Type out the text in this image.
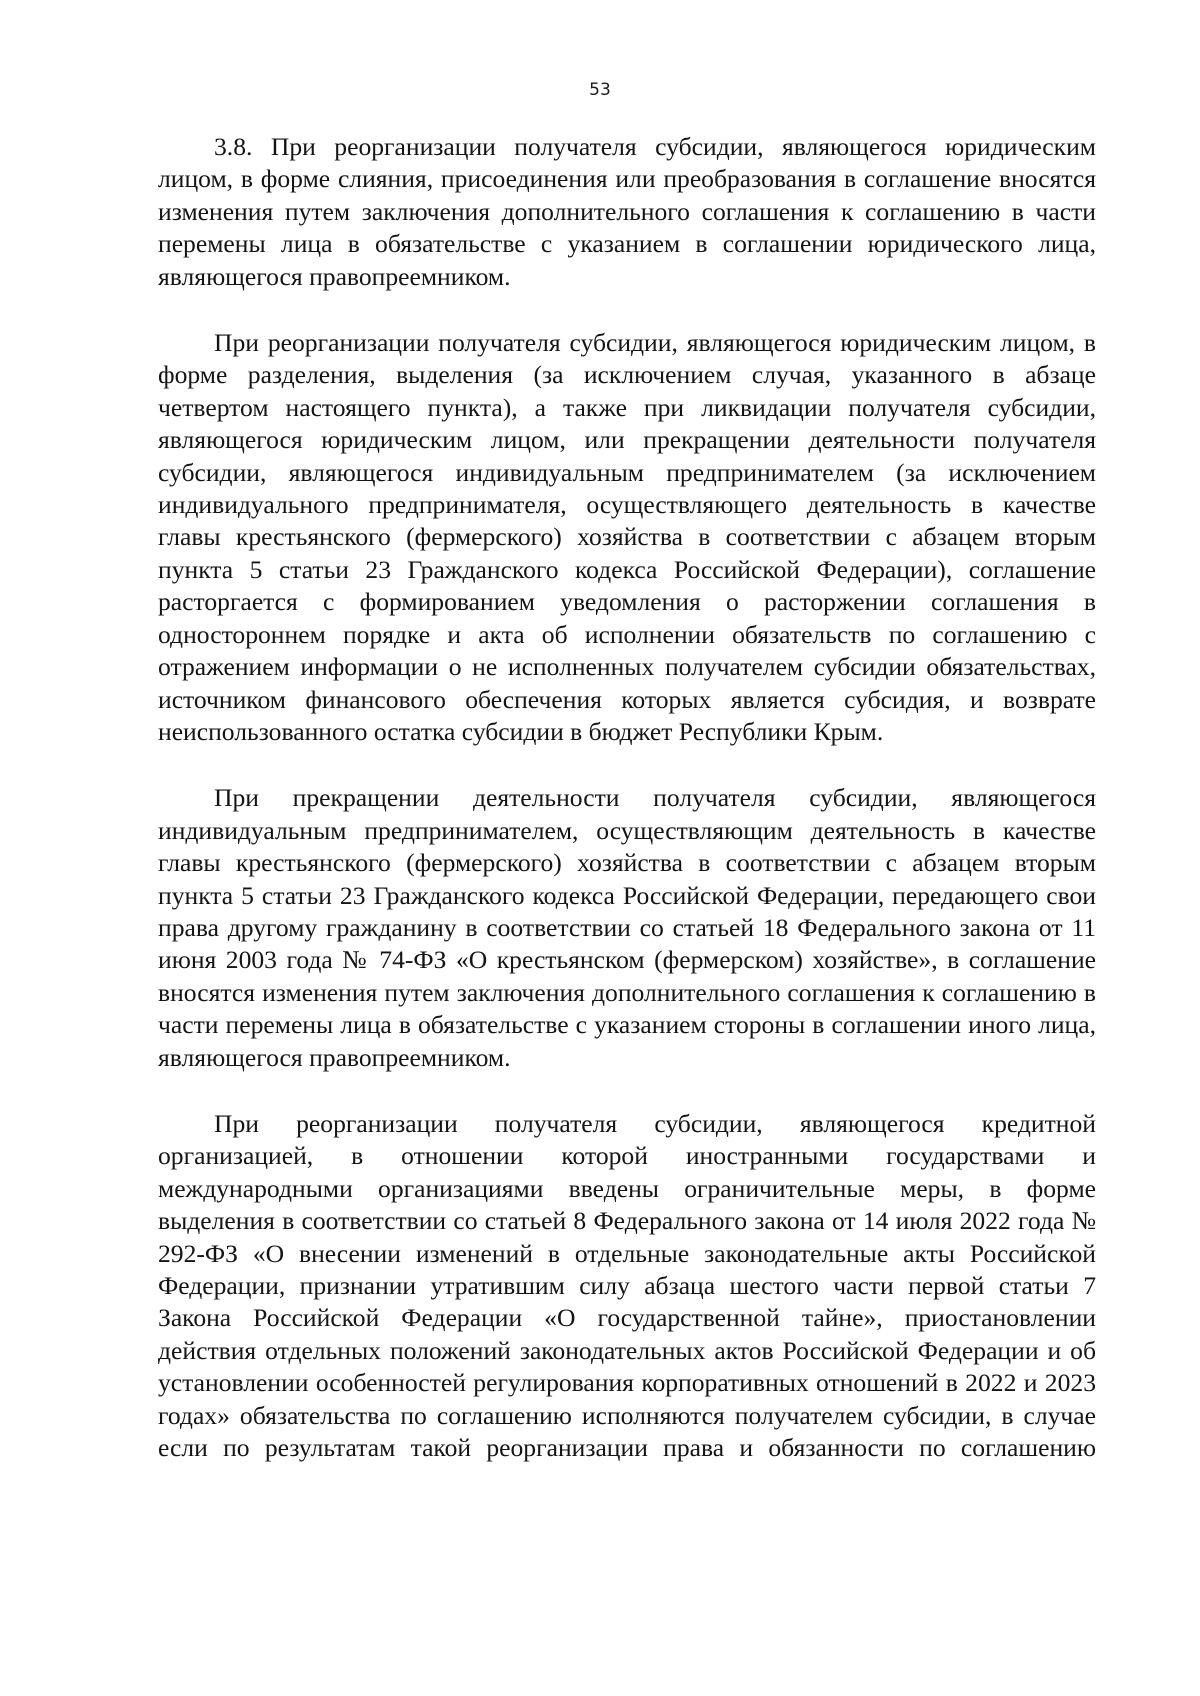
53

3.8. При реорганизации получателя субсидии, являющегося юридическим лицом, в форме слияния, присоединения или преобразования в соглашение вносятся изменения путем заключения дополнительного соглашения к соглашению в части перемены лица в обязательстве с указанием в соглашении юридического лица, являющегося правопреемником.

При реорганизации получателя субсидии, являющегося юридическим лицом, в форме разделения, выделения (за исключением случая, указанного в абзаце четвертом настоящего пункта), а также при ликвидации получателя субсидии, являющегося юридическим лицом, или прекращении деятельности получателя субсидии, являющегося индивидуальным предпринимателем (за исключением индивидуального предпринимателя, осуществляющего деятельность в качестве главы крестьянского (фермерского) хозяйства в соответствии с абзацем вторым пункта 5 статьи 23 Гражданского кодекса Российской Федерации), соглашение расторгается с формированием уведомления о расторжении соглашения в одностороннем порядке и акта об исполнении обязательств по соглашению с отражением информации о не исполненных получателем субсидии обязательствах, источником финансового обеспечения которых является субсидия, и возврате неиспользованного остатка субсидии в бюджет Республики Крым.

При прекращении деятельности получателя субсидии, являющегося индивидуальным предпринимателем, осуществляющим деятельность в качестве главы крестьянского (фермерского) хозяйства в соответствии с абзацем вторым пункта 5 статьи 23 Гражданского кодекса Российской Федерации, передающего свои права другому гражданину в соответствии со статьей 18 Федерального закона от 11 июня 2003 года № 74-ФЗ «О крестьянском (фермерском) хозяйстве», в соглашение вносятся изменения путем заключения дополнительного соглашения к соглашению в части перемены лица в обязательстве с указанием стороны в соглашении иного лица, являющегося правопреемником.

При реорганизации получателя субсидии, являющегося кредитной организацией, в отношении которой иностранными государствами и международными организациями введены ограничительные меры, в форме выделения в соответствии со статьей 8 Федерального закона от 14 июля 2022 года № 292-ФЗ «О внесении изменений в отдельные законодательные акты Российской Федерации, признании утратившим силу абзаца шестого части первой статьи 7 Закона Российской Федерации «О государственной тайне», приостановлении действия отдельных положений законодательных актов Российской Федерации и об установлении особенностей регулирования корпоративных отношений в 2022 и 2023 годах» обязательства по соглашению исполняются получателем субсидии, в случае если по результатам такой реорганизации права и обязанности по соглашению
